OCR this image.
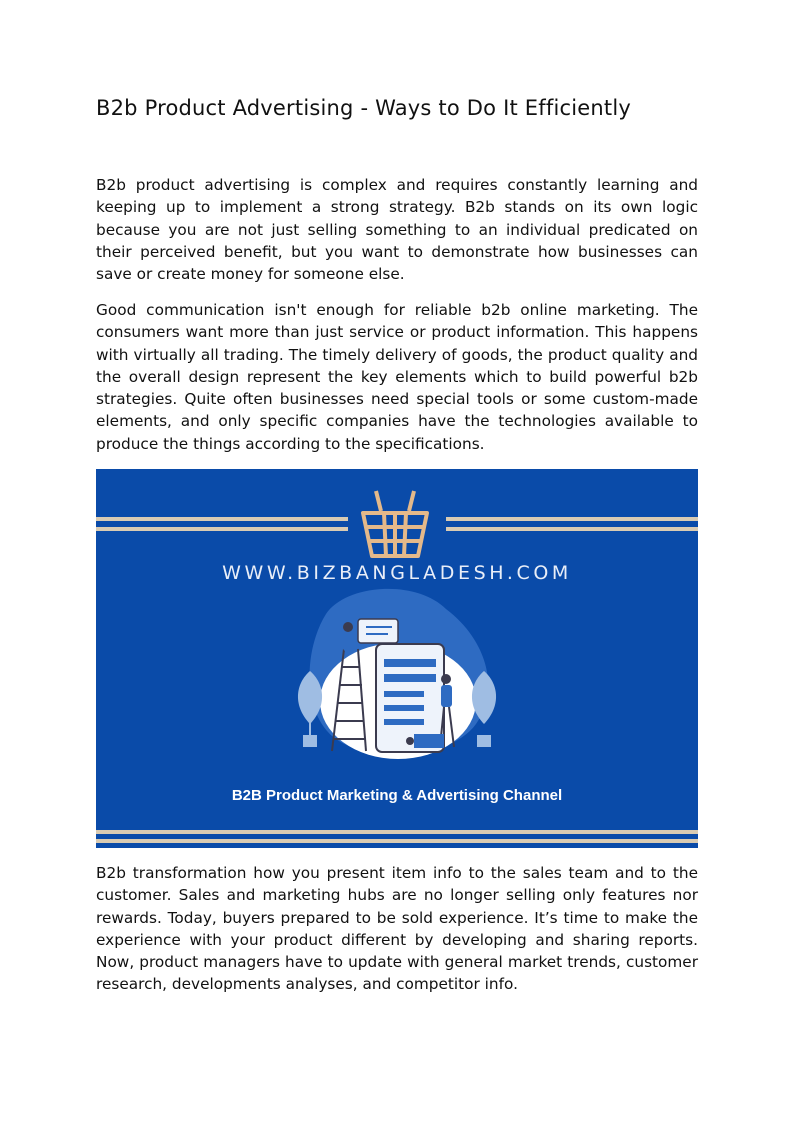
B2b Product Advertising - Ways to Do It Efficiently

B2b product advertising is complex and requires constantly learning and keeping up to implement a strong strategy. B2b stands on its own logic because you are not just selling something to an individual predicated on their perceived benefit, but you want to demonstrate how businesses can save or create money for someone else.

Good communication isn't enough for reliable b2b online marketing. The consumers want more than just service or product information. This happens with virtually all trading. The timely delivery of goods, the product quality and the overall design represent the key elements which to build powerful b2b strategies. Quite often businesses need special tools or some custom-made elements, and only specific companies have the technologies available to produce the things according to the specifications.

WWW.BIZBANGLADESH.COM
B2B Product Marketing & Advertising Channel

B2b transformation how you present item info to the sales team and to the customer. Sales and marketing hubs are no longer selling only features nor rewards. Today, buyers prepared to be sold experience. It’s time to make the experience with your product different by developing and sharing reports. Now, product managers have to update with general market trends, customer research, developments analyses, and competitor info.
